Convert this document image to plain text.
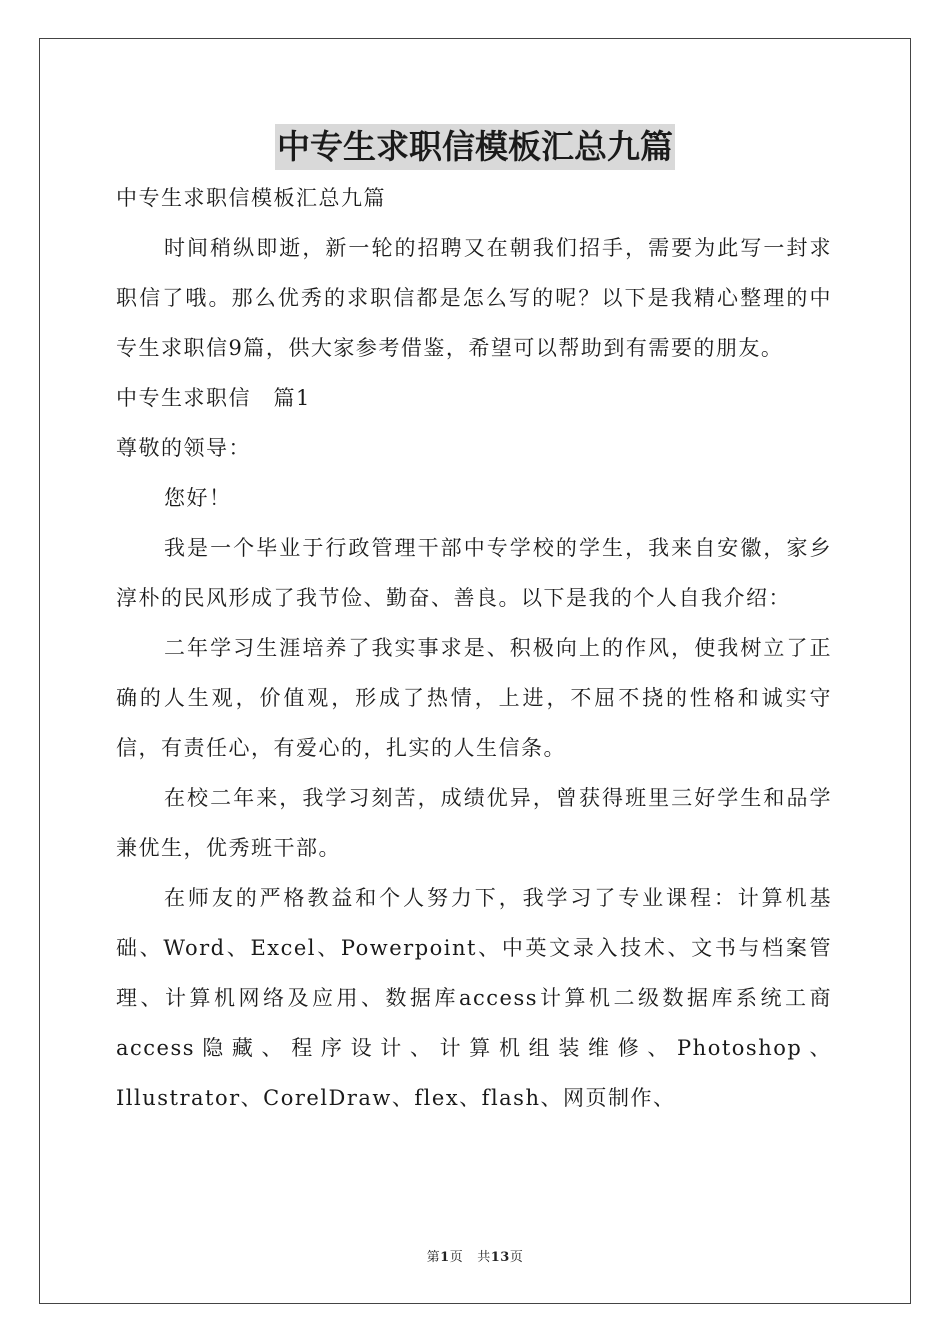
中专生求职信模板汇总九篇

中专生求职信模板汇总九篇

时间稍纵即逝，新一轮的招聘又在朝我们招手，需要为此写一封求职信了哦。那么优秀的求职信都是怎么写的呢？以下是我精心整理的中专生求职信9篇，供大家参考借鉴，希望可以帮助到有需要的朋友。

中专生求职信　篇1

尊敬的领导：

您好！

我是一个毕业于行政管理干部中专学校的学生，我来自安徽，家乡淳朴的民风形成了我节俭、勤奋、善良。以下是我的个人自我介绍：

二年学习生涯培养了我实事求是、积极向上的作风，使我树立了正确的人生观，价值观，形成了热情，上进，不屈不挠的性格和诚实守信，有责任心，有爱心的，扎实的人生信条。

在校二年来，我学习刻苦，成绩优异，曾获得班里三好学生和品学兼优生，优秀班干部。

在师友的严格教益和个人努力下，我学习了专业课程：计算机基础、Word、Excel、Powerpoint、中英文录入技术、文书与档案管理、计算机网络及应用、数据库access计算机二级数据库系统工商access隐藏、程序设计、计算机组装维修、Photoshop、Illustrator、CorelDraw、flex、flash、网页制作、

第1页 共13页
